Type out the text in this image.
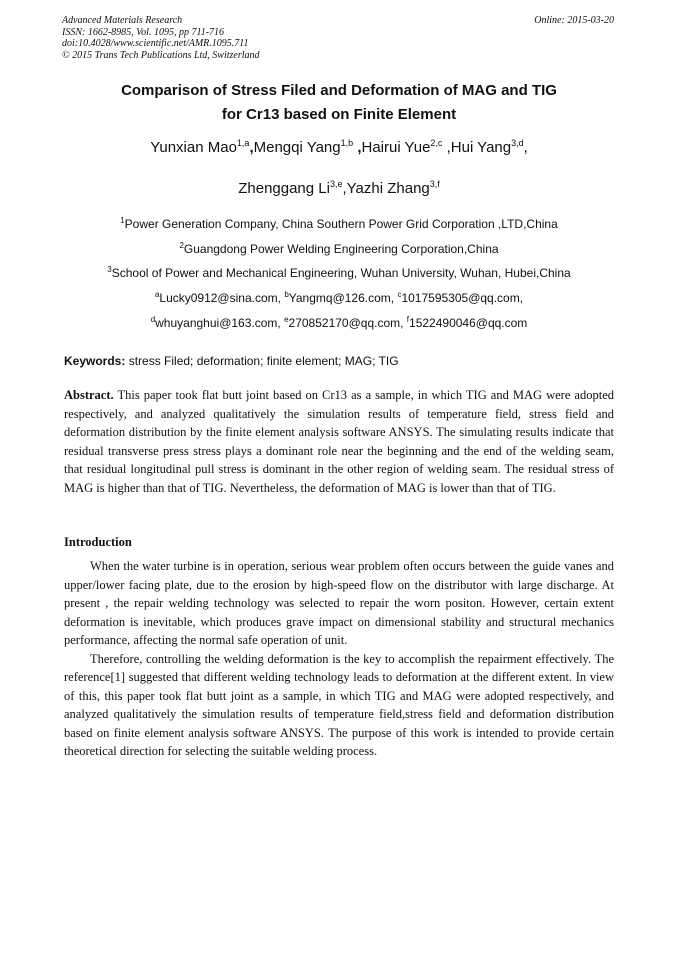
Advanced Materials Research
ISSN: 1662-8985, Vol. 1095, pp 711-716
doi:10.4028/www.scientific.net/AMR.1095.711
© 2015 Trans Tech Publications Ltd, Switzerland
Online: 2015-03-20
Comparison of Stress Filed and Deformation of MAG and TIG
for Cr13 based on Finite Element
Yunxian Mao$^{1,a}$,Mengqi Yang$^{1,b}$ ,Hairui Yue$^{2,c}$ ,Hui Yang$^{3,d}$,
Zhenggang Li$^{3,e}$,Yazhi Zhang$^{3,f}$
$^1$Power Generation Company, China Southern Power Grid Corporation ,LTD,China
$^2$Guangdong Power Welding Engineering Corporation,China
$^3$School of Power and Mechanical Engineering, Wuhan University, Wuhan, Hubei,China
$^a$Lucky0912@sina.com, $^b$Yangmq@126.com, $^c$1017595305@qq.com,
$^d$whuyanghui@163.com, $^e$270852170@qq.com, $^f$1522490046@qq.com
Keywords: stress Filed; deformation; finite element; MAG; TIG
Abstract. This paper took flat butt joint based on Cr13 as a sample, in which TIG and MAG were adopted respectively, and analyzed qualitatively the simulation results of temperature field, stress field and deformation distribution by the finite element analysis software ANSYS. The simulating results indicate that residual transverse press stress plays a dominant role near the beginning and the end of the welding seam, that residual longitudinal pull stress is dominant in the other region of welding seam. The residual stress of MAG is higher than that of TIG. Nevertheless, the deformation of MAG is lower than that of TIG.
Introduction

When the water turbine is in operation, serious wear problem often occurs between the guide vanes and upper/lower facing plate, due to the erosion by high-speed flow on the distributor with large discharge. At present , the repair welding technology was selected to repair the worn positon. However, certain extent deformation is inevitable, which produces grave impact on dimensional stability and structural mechanics performance, affecting the normal safe operation of unit.

Therefore, controlling the welding deformation is the key to accomplish the repairment effectively. The reference[1] suggested that different welding technology leads to deformation at the different extent. In view of this, this paper took flat butt joint as a sample, in which TIG and MAG were adopted respectively, and analyzed qualitatively the simulation results of temperature field,stress field and deformation distribution based on finite element analysis software ANSYS. The purpose of this work is intended to provide certain theoretical direction for selecting the suitable welding process.
